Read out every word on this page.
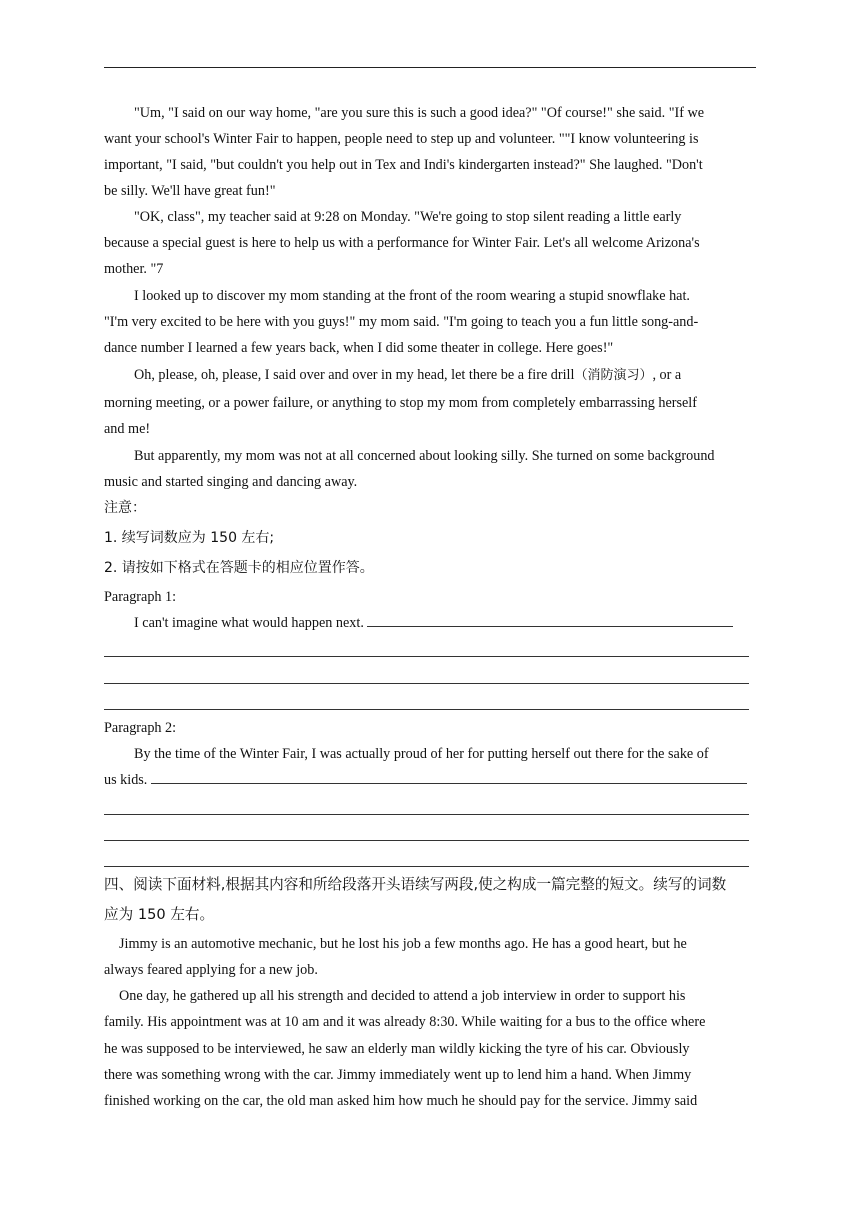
"Um, "I said on our way home, "are you sure this is such a good idea?" "Of course!" she said. "If we
want your school's Winter Fair to happen, people need to step up and volunteer. ""I know volunteering is
important, "I said, "but couldn't you help out in Tex and Indi's kindergarten instead?" She laughed. "Don't
be silly. We'll have great fun!"
"OK, class", my teacher said at 9:28 on Monday. "We're going to stop silent reading a little early
because a special guest is here to help us with a performance for Winter Fair. Let's all welcome Arizona's
mother. "7
I looked up to discover my mom standing at the front of the room wearing a stupid snowflake hat.
"I'm very excited to be here with you guys!" my mom said. "I'm going to teach you a fun little song-and-
dance number I learned a few years back, when I did some theater in college. Here goes!"
Oh, please, oh, please, I said over and over in my head, let there be a fire drill（消防演习）, or a
morning meeting, or a power failure, or anything to stop my mom from completely embarrassing herself
and me!
But apparently, my mom was not at all concerned about looking silly. She turned on some background
music and started singing and dancing away.
注意：
1. 续写词数应为 150 左右;
2. 请按如下格式在答题卡的相应位置作答。
Paragraph 1:
I can't imagine what would happen next.
Paragraph 2:
By the time of the Winter Fair, I was actually proud of her for putting herself out there for the sake of
us kids.
四、阅读下面材料,根据其内容和所给段落开头语续写两段,使之构成一篇完整的短文。续写的词数
应为 150 左右。
Jimmy is an automotive mechanic, but he lost his job a few months ago. He has a good heart, but he
always feared applying for a new job.
One day, he gathered up all his strength and decided to attend a job interview in order to support his
family. His appointment was at 10 am and it was already 8:30. While waiting for a bus to the office where
he was supposed to be interviewed, he saw an elderly man wildly kicking the tyre of his car. Obviously
there was something wrong with the car. Jimmy immediately went up to lend him a hand. When Jimmy
finished working on the car, the old man asked him how much he should pay for the service. Jimmy said
